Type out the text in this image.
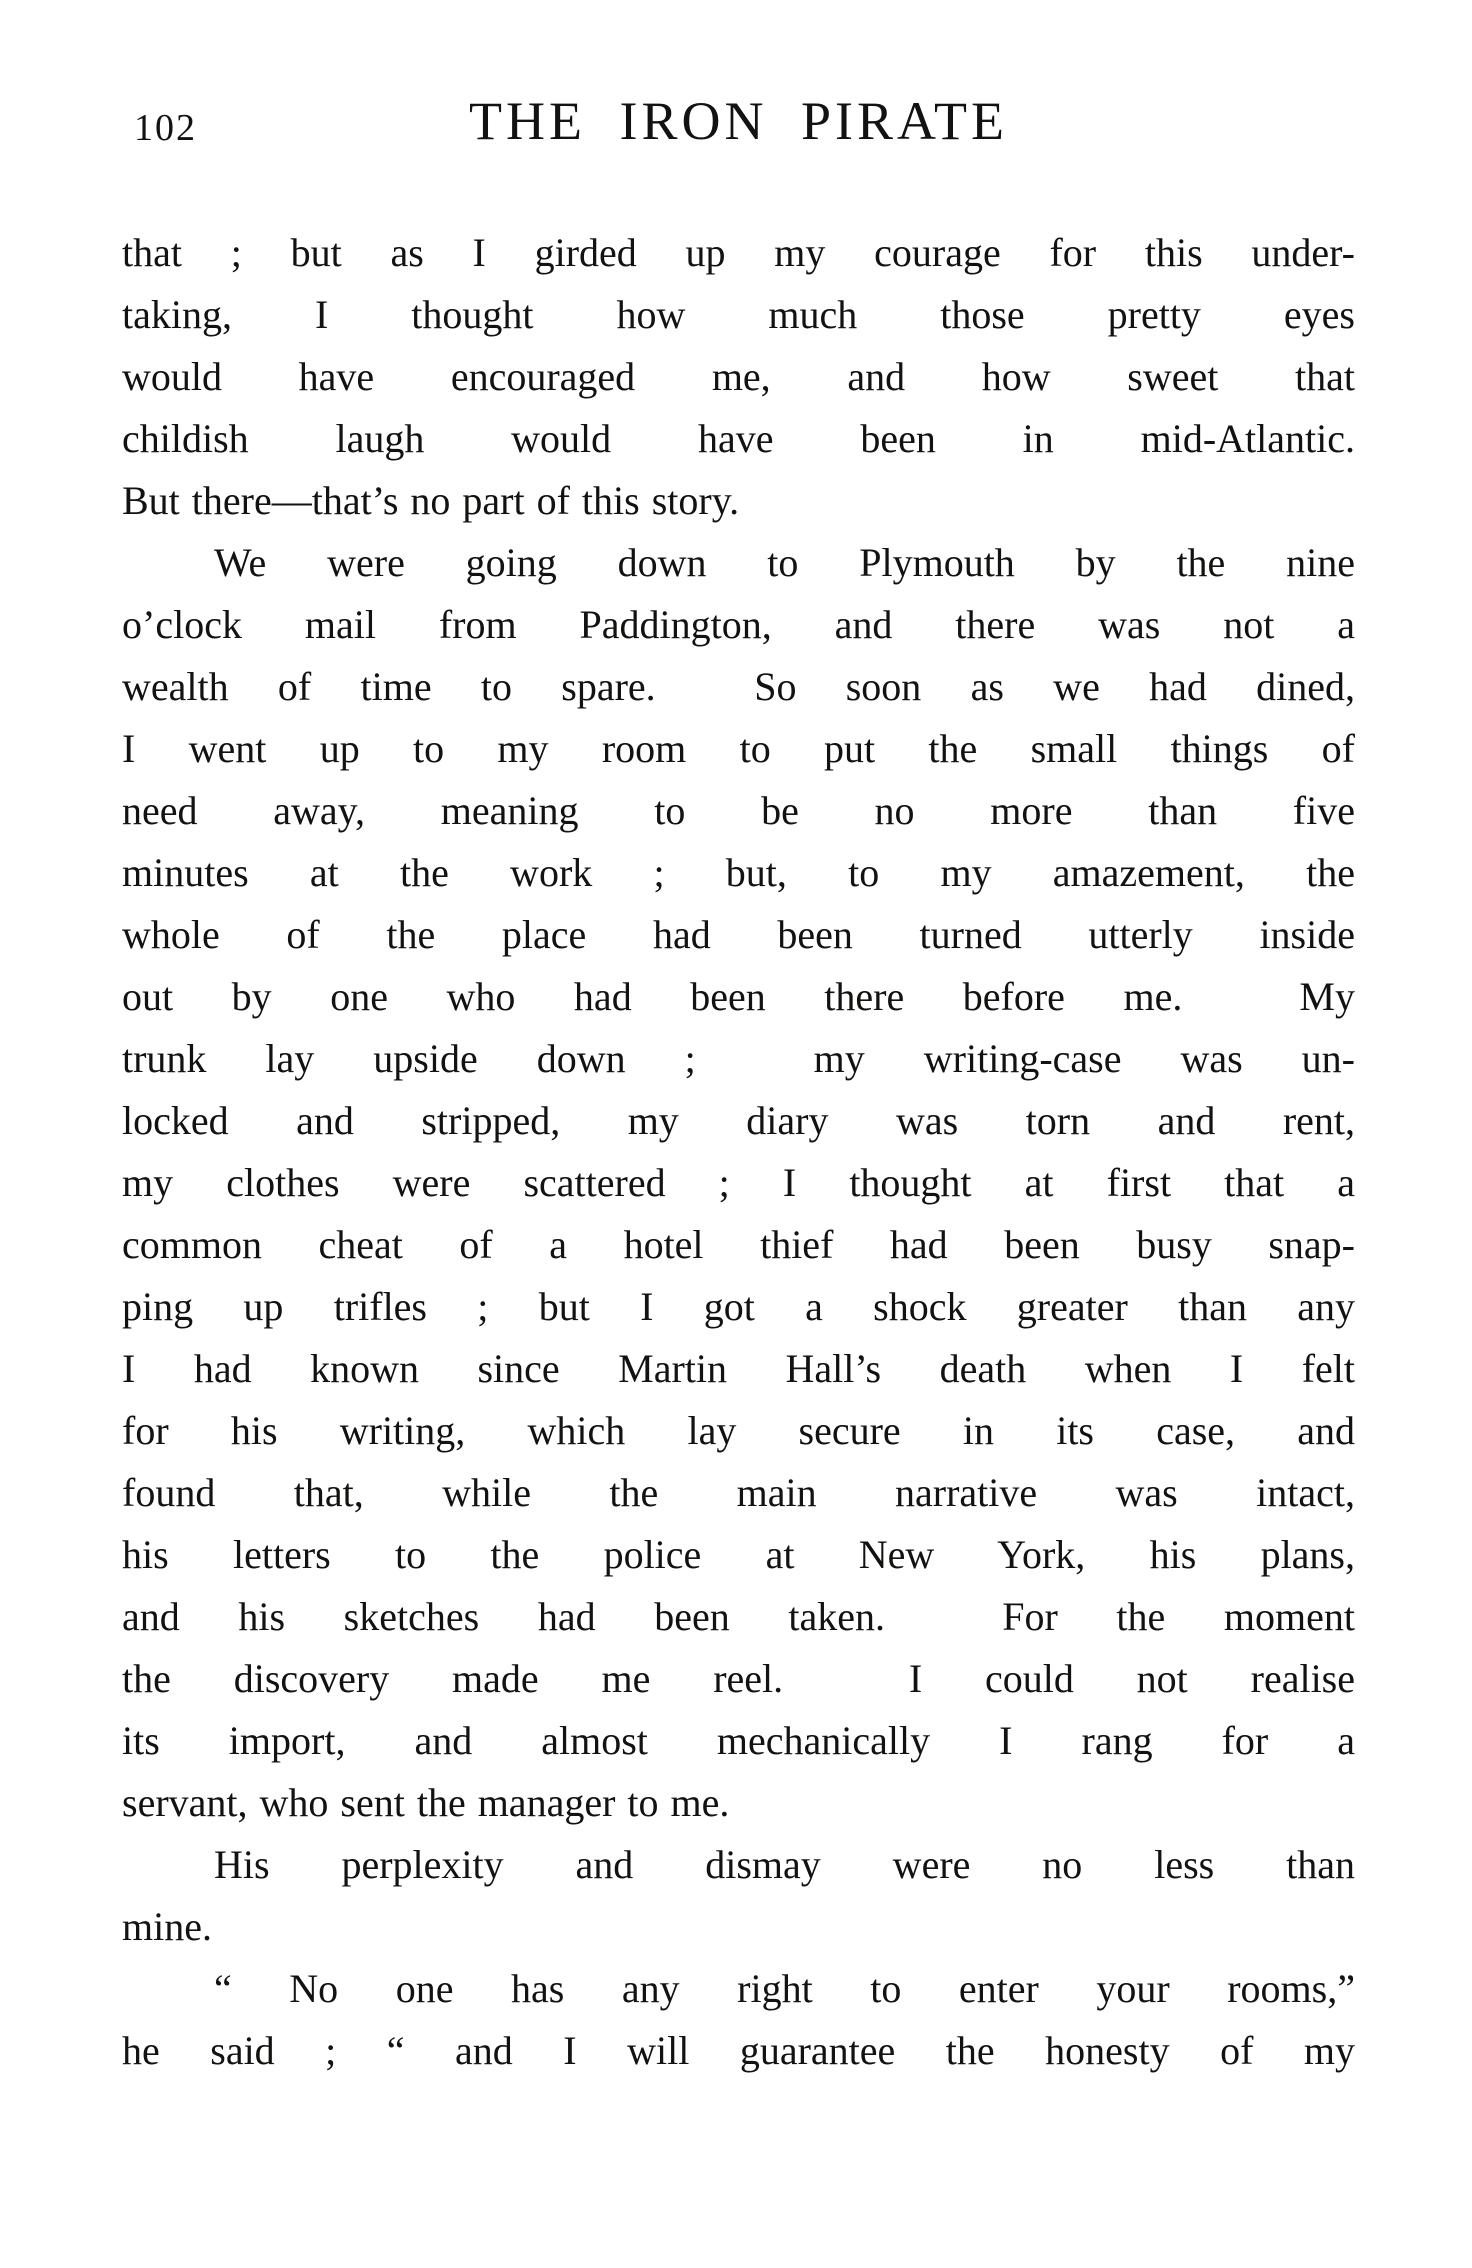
102	THE IRON PIRATE
that ; but as I girded up my courage for this under-
taking, I thought how much those pretty eyes
would have encouraged me, and how sweet that
childish laugh would have been in mid-Atlantic.
But there—that’s no part of this story.
We were going down to Plymouth by the nine
o’clock mail from Paddington, and there was not a
wealth of time to spare.  So soon as we had dined,
I went up to my room to put the small things of
need away, meaning to be no more than five
minutes at the work ; but, to my amazement, the
whole of the place had been turned utterly inside
out by one who had been there before me.  My
trunk lay upside down ;  my writing-case was un-
locked and stripped, my diary was torn and rent,
my clothes were scattered ; I thought at first that a
common cheat of a hotel thief had been busy snap-
ping up trifles ; but I got a shock greater than any
I had known since Martin Hall’s death when I felt
for his writing, which lay secure in its case, and
found that, while the main narrative was intact,
his letters to the police at New York, his plans,
and his sketches had been taken.  For the moment
the discovery made me reel.  I could not realise
its import, and almost mechanically I rang for a
servant, who sent the manager to me.
His perplexity and dismay were no less than
mine.
“ No one has any right to enter your rooms,”
he said ; “ and I will guarantee the honesty of my
